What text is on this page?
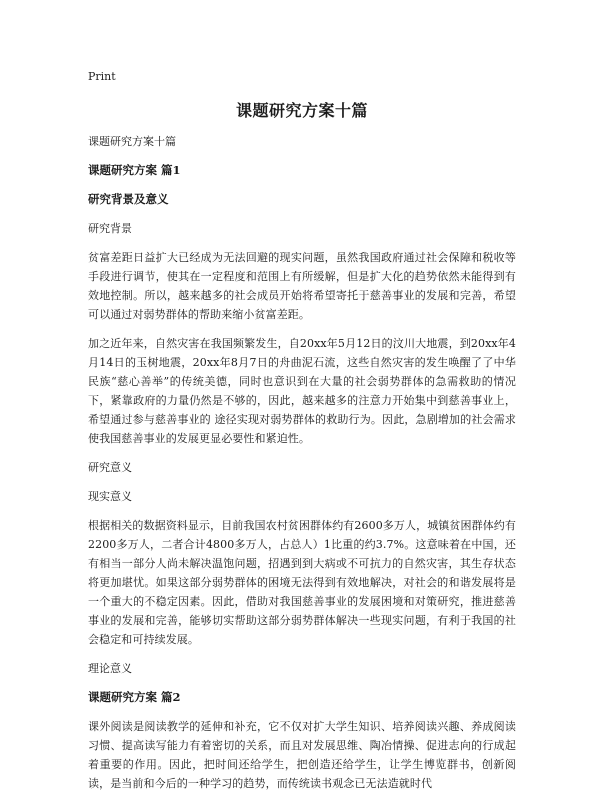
Print
课题研究方案十篇
课题研究方案十篇
课题研究方案 篇1
研究背景及意义
研究背景
贫富差距日益扩大已经成为无法回避的现实问题，虽然我国政府通过社会保障和税收等手段进行调节，使其在一定程度和范围上有所缓解，但是扩大化的趋势依然未能得到有效地控制。所以，越来越多的社会成员开始将希望寄托于慈善事业的发展和完善，希望可以通过对弱势群体的帮助来缩小贫富差距。
加之近年来，自然灾害在我国频繁发生，自20xx年5月12日的汶川大地震，到20xx年4月14日的玉树地震，20xx年8月7日的舟曲泥石流，这些自然灾害的发生唤醒了了中华民族“慈心善举”的传统美德，同时也意识到在大量的社会弱势群体的急需救助的情况下，紧靠政府的力量仍然是不够的，因此，越来越多的注意力开始集中到慈善事业上，希望通过参与慈善事业的 途径实现对弱势群体的救助行为。因此，急剧增加的社会需求使我国慈善事业的发展更显必要性和紧迫性。
研究意义
现实意义
根据相关的数据资料显示，目前我国农村贫困群体约有2600多万人，城镇贫困群体约有2200多万人，二者合计4800多万人，占总人）1比重的约3.7%。这意味着在中国，还有相当一部分人尚未解决温饱问题，招遇到到大病或不可抗力的自然灾害，其生存状态将更加堪忧。如果这部分弱势群体的困境无法得到有效地解决，对社会的和谐发展将是一个重大的不稳定因素。因此，借助对我国慈善事业的发展困境和对策研究，推进慈善事业的发展和完善，能够切实帮助这部分弱势群体解决一些现实问题，有利于我国的社会稳定和可持续发展。
理论意义
课题研究方案 篇2
课外阅读是阅读教学的延伸和补充，它不仅对扩大学生知识、培养阅读兴趣、养成阅读习惯、提高读写能力有着密切的关系，而且对发展思维、陶冶情操、促进志向的行成起着重要的作用。因此，把时间还给学生，把创造还给学生，让学生博览群书，创新阅读，是当前和今后的一种学习的趋势，而传统读书观念已无法造就时代
